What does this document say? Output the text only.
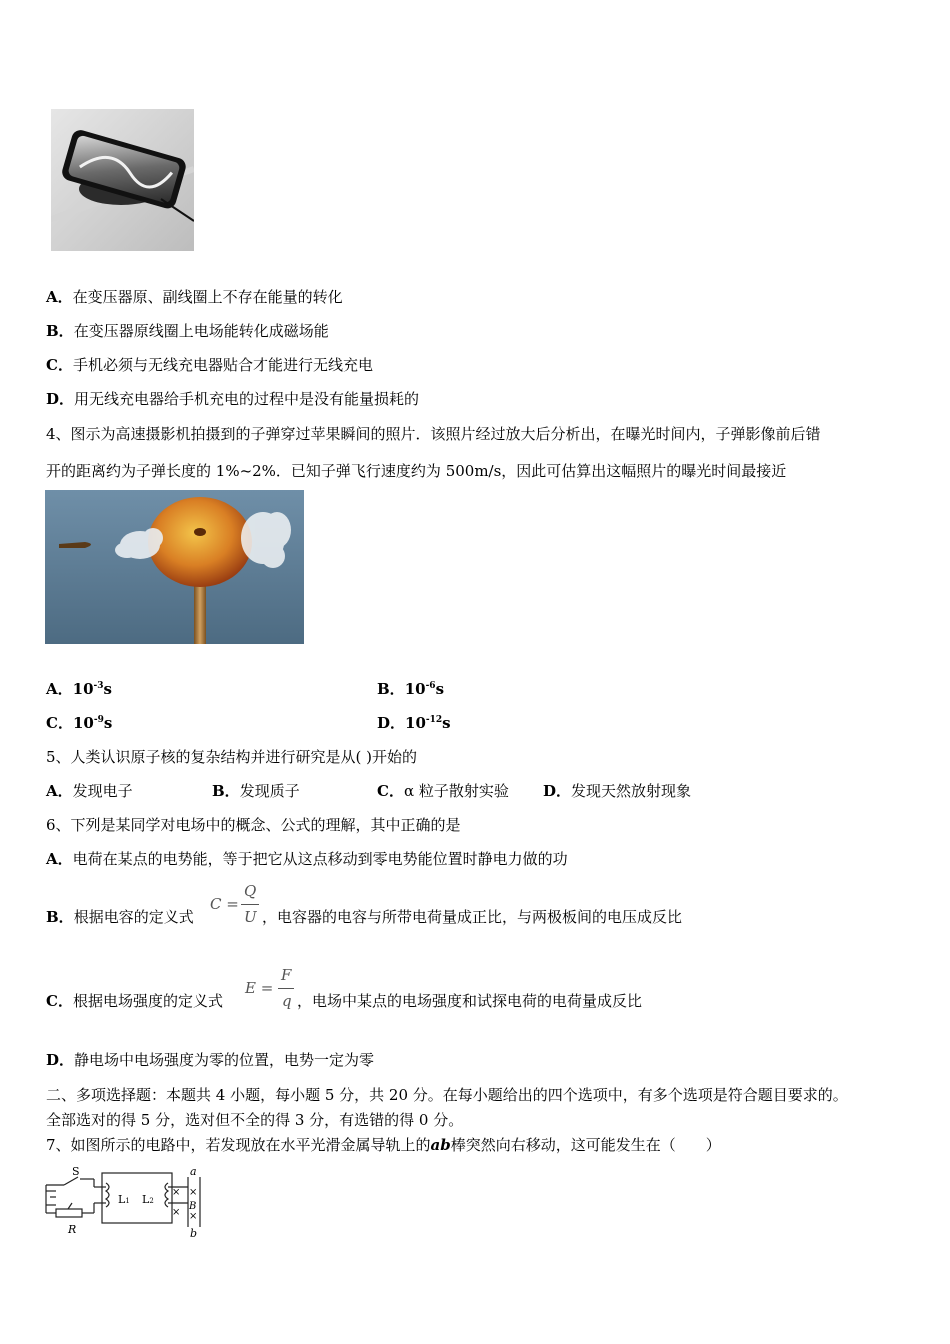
A．在变压器原、副线圈上不存在能量的转化
B．在变压器原线圈上电场能转化成磁场能
C．手机必须与无线充电器贴合才能进行无线充电
D．用无线充电器给手机充电的过程中是没有能量损耗的
4、图示为高速摄影机拍摄到的子弹穿过苹果瞬间的照片．该照片经过放大后分析出，在曝光时间内，子弹影像前后错
开的距离约为子弹长度的 1%~2%．已知子弹飞行速度约为 500m/s，因此可估算出这幅照片的曝光时间最接近
A．$10^{-3}s$	B．$10^{-6}s$
C．$10^{-9}s$	D．$10^{-12}s$
5、人类认识原子核的复杂结构并进行研究是从( )开始的
A．发现电子	B．发现质子	C．α 粒子散射实验 D．发现天然放射现象
6、下列是某同学对电场中的概念、公式的理解，其中正确的是
A．电荷在某点的电势能，等于把它从这点移动到零电势能位置时静电力做的功
B．根据电容的定义式
C =
Q
U ，电容器的电容与所带电荷量成正比，与两极板间的电压成反比
C．根据电场强度的定义式
E =
F
q ，电场中某点的电场强度和试探电荷的电荷量成反比
D．静电场中电场强度为零的位置，电势一定为零
二、多项选择题：本题共 4 小题，每小题 5 分，共 20 分。在每小题给出的四个选项中，有多个选项是符合题目要求的。
全部选对的得 5 分，选对但不全的得 3 分，有选错的得 0 分。
7、如图所示的电路中，若发现放在水平光滑金属导轨上的ab棒突然向右移动，这可能发生在（　　）
S
R
L1 L2
a
b
B
× ×
× ×
